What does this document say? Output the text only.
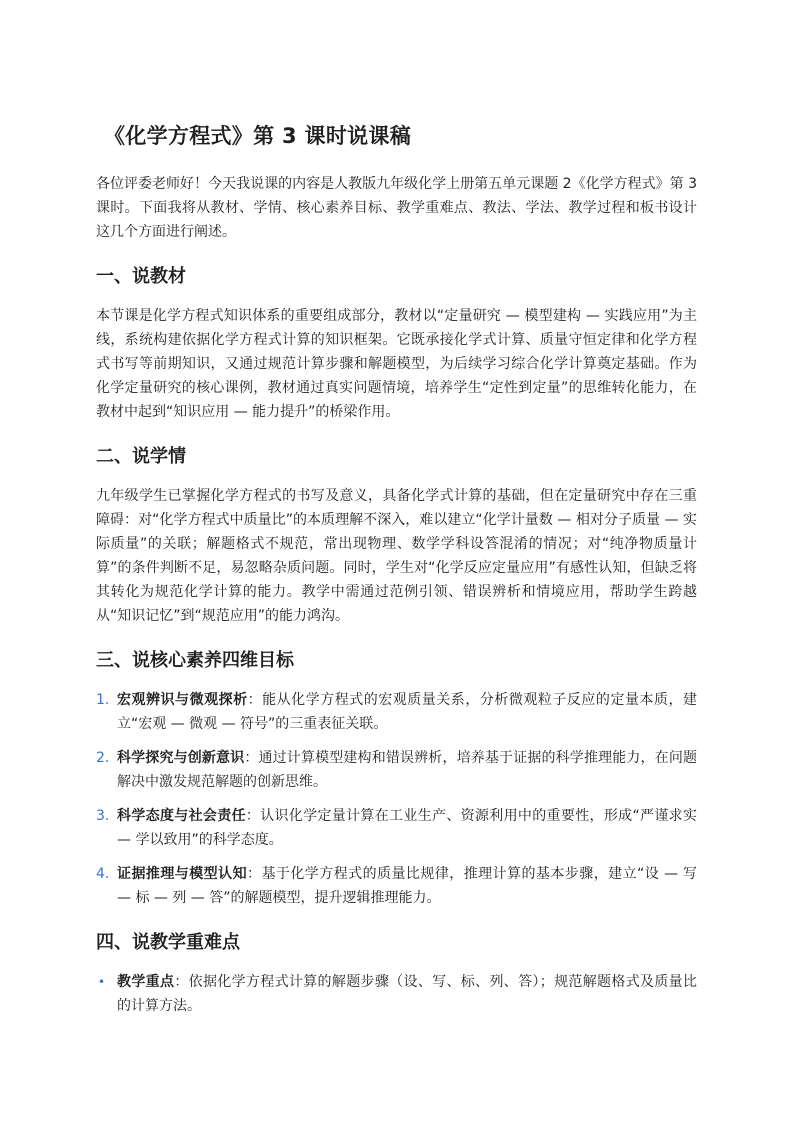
《化学方程式》第 3 课时说课稿

各位评委老师好！今天我说课的内容是人教版九年级化学上册第五单元课题 2《化学方程式》第 3 课时。下面我将从教材、学情、核心素养目标、教学重难点、教法、学法、教学过程和板书设计这几个方面进行阐述。

一、说教材

本节课是化学方程式知识体系的重要组成部分，教材以“定量研究 — 模型建构 — 实践应用”为主线，系统构建依据化学方程式计算的知识框架。它既承接化学式计算、质量守恒定律和化学方程式书写等前期知识，又通过规范计算步骤和解题模型，为后续学习综合化学计算奠定基础。作为化学定量研究的核心课例，教材通过真实问题情境，培养学生“定性到定量”的思维转化能力，在教材中起到“知识应用 — 能力提升”的桥梁作用。

二、说学情

九年级学生已掌握化学方程式的书写及意义，具备化学式计算的基础，但在定量研究中存在三重障碍：对“化学方程式中质量比”的本质理解不深入，难以建立“化学计量数 — 相对分子质量 — 实际质量”的关联；解题格式不规范，常出现物理、数学学科设答混淆的情况；对“纯净物质量计算”的条件判断不足，易忽略杂质问题。同时，学生对“化学反应定量应用”有感性认知，但缺乏将其转化为规范化学计算的能力。教学中需通过范例引领、错误辨析和情境应用，帮助学生跨越从“知识记忆”到“规范应用”的能力鸿沟。

三、说核心素养四维目标
1. 宏观辨识与微观探析：能从化学方程式的宏观质量关系，分析微观粒子反应的定量本质，建立“宏观 — 微观 — 符号”的三重表征关联。
2. 科学探究与创新意识：通过计算模型建构和错误辨析，培养基于证据的科学推理能力，在问题解决中激发规范解题的创新思维。
3. 科学态度与社会责任：认识化学定量计算在工业生产、资源利用中的重要性，形成“严谨求实 — 学以致用”的科学态度。
4. 证据推理与模型认知：基于化学方程式的质量比规律，推理计算的基本步骤，建立“设 — 写 — 标 — 列 — 答”的解题模型，提升逻辑推理能力。
四、说教学重难点
• 教学重点：依据化学方程式计算的解题步骤（设、写、标、列、答）；规范解题格式及质量比的计算方法。
